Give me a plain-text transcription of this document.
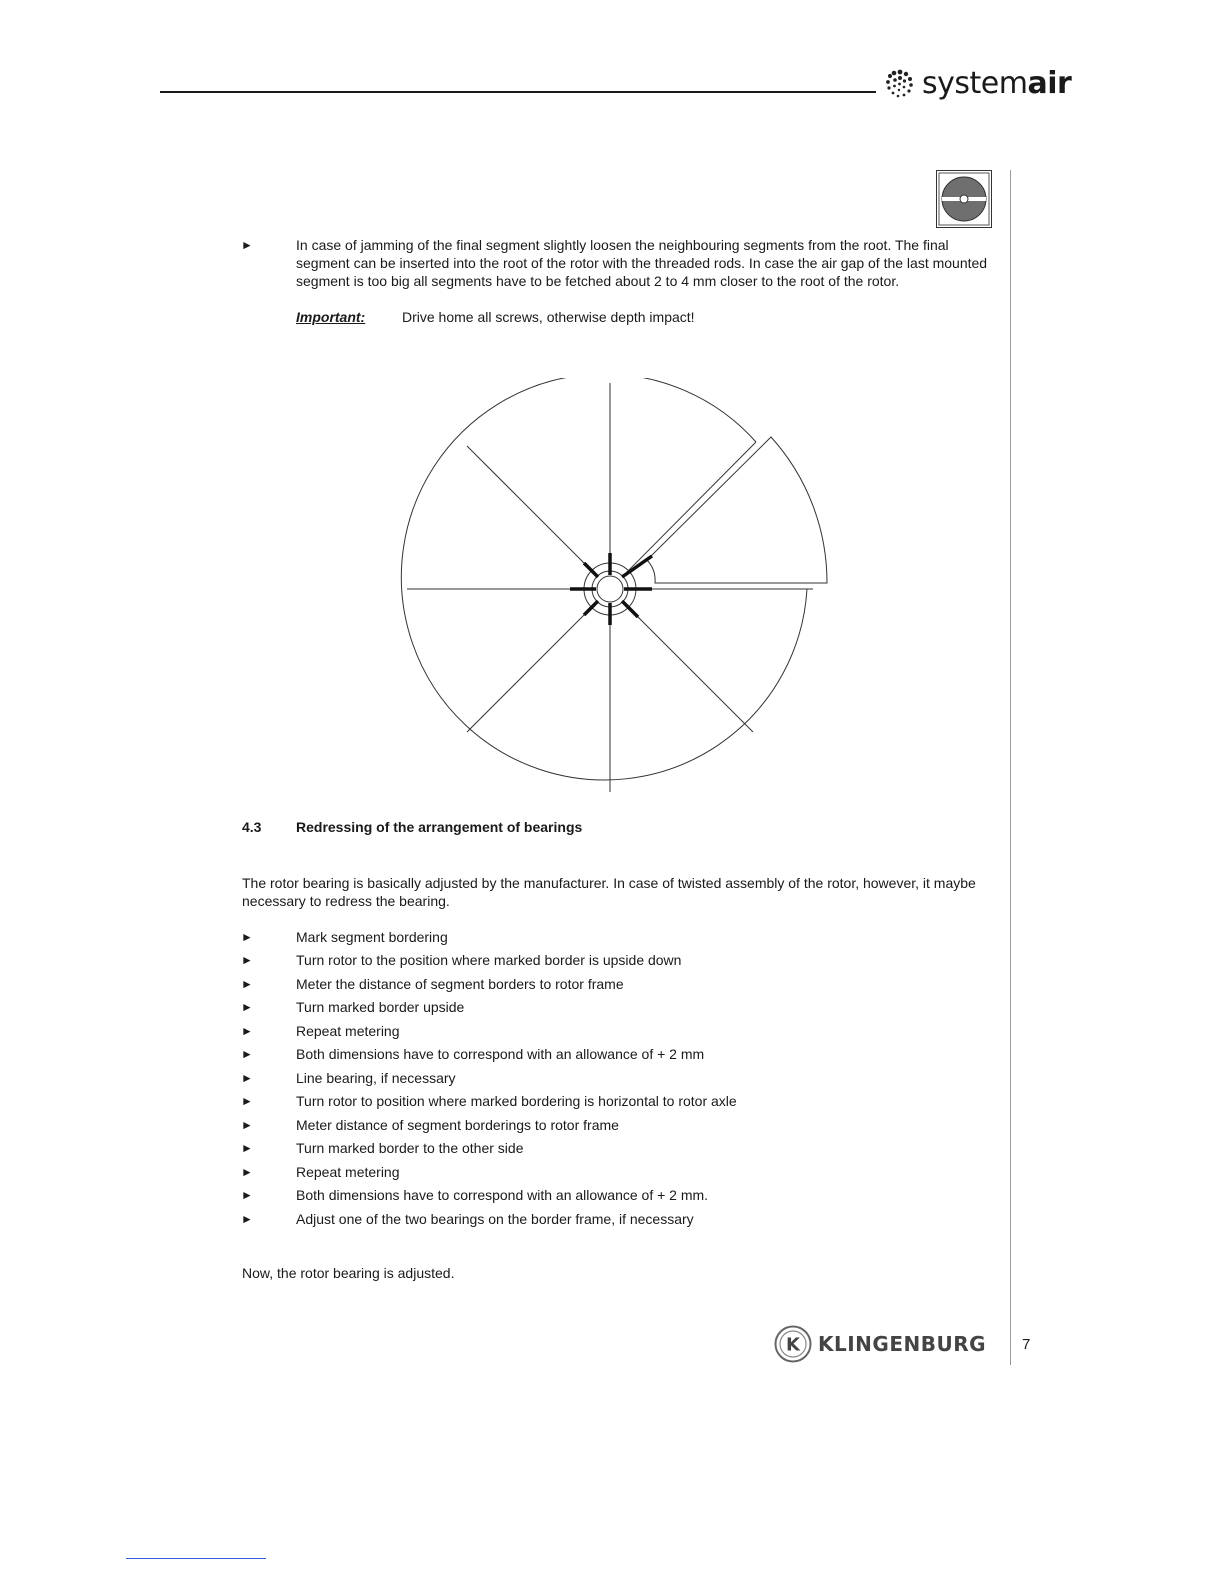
systemair
►	In case of jamming of the final segment slightly loosen the neighbouring segments from the root. The final segment can be inserted into the root of the rotor with the threaded rods. In case the air gap of the last mounted segment is too big all segments have to be fetched about 2 to 4 mm closer to the root of the rotor.

Important:	Drive home all screws, otherwise depth impact!
4.3 Redressing of the arrangement of bearings

The rotor bearing is basically adjusted by the manufacturer. In case of twisted assembly of the rotor, however, it maybe necessary to redress the bearing.

►	Mark segment bordering
►	Turn rotor to the position where marked border is upside down
►	Meter the distance of segment borders to rotor frame
►	Turn marked border upside
►	Repeat metering
►	Both dimensions have to correspond with an allowance of + 2 mm
►	Line bearing, if necessary
►	Turn rotor to position where marked bordering is horizontal to rotor axle
►	Meter distance of segment borderings to rotor frame
►	Turn marked border to the other side
►	Repeat metering
►	Both dimensions have to correspond with an allowance of + 2 mm.
►	Adjust one of the two bearings on the border frame, if necessary
Now, the rotor bearing is adjusted.
K KLINGENBURG 7
